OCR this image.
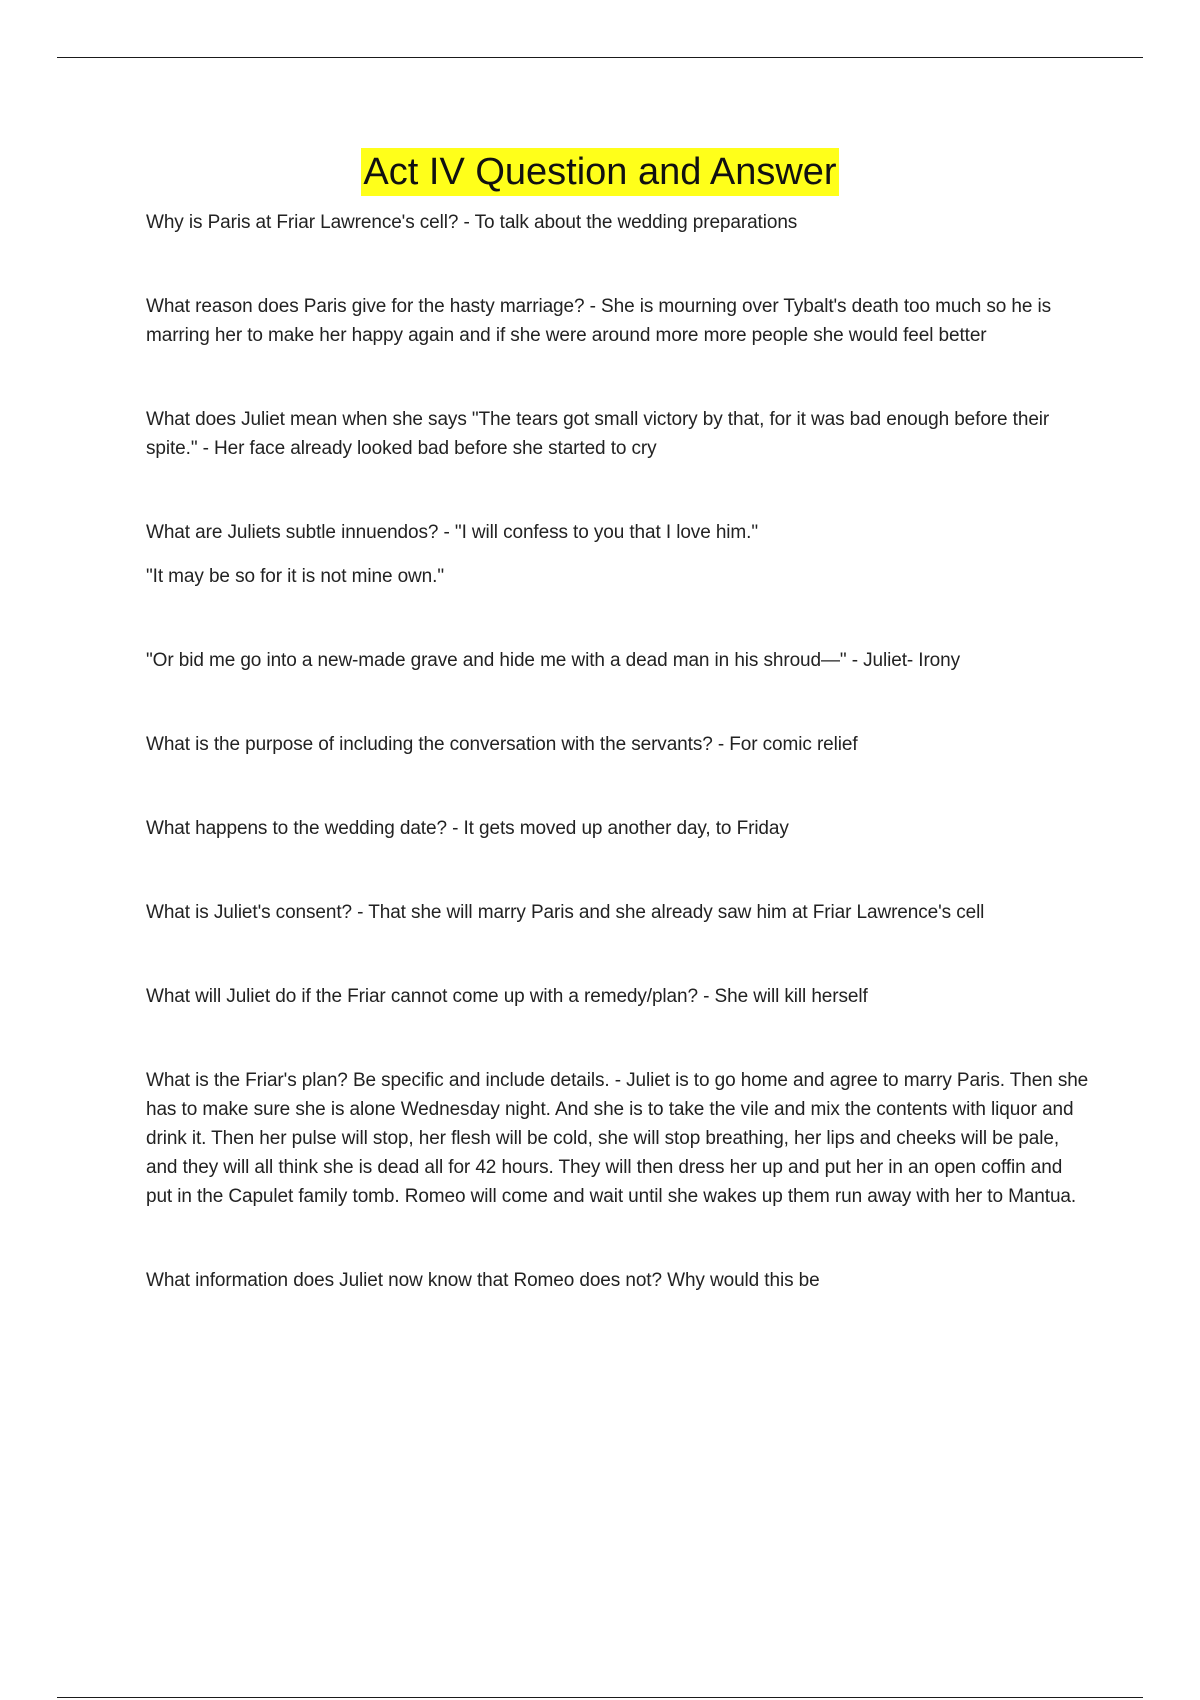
Act IV Question and Answer

Why is Paris at Friar Lawrence's cell? - To talk about the wedding preparations

What reason does Paris give for the hasty marriage? - She is mourning over Tybalt's death too much so he is marring her to make her happy again and if she were around more more people she would feel better

What does Juliet mean when she says "The tears got small victory by that, for it was bad enough before their spite." - Her face already looked bad before she started to cry

What are Juliets subtle innuendos? - "I will confess to you that I love him."

"It may be so for it is not mine own."

"Or bid me go into a new-made grave and hide me with a dead man in his shroud—" - Juliet- Irony

What is the purpose of including the conversation with the servants? - For comic relief

What happens to the wedding date? - It gets moved up another day, to Friday

What is Juliet's consent? - That she will marry Paris and she already saw him at Friar Lawrence's cell

What will Juliet do if the Friar cannot come up with a remedy/plan? - She will kill herself

What is the Friar's plan? Be specific and include details. - Juliet is to go home and agree to marry Paris. Then she has to make sure she is alone Wednesday night. And she is to take the vile and mix the contents with liquor and drink it. Then her pulse will stop, her flesh will be cold, she will stop breathing, her lips and cheeks will be pale, and they will all think she is dead all for 42 hours. They will then dress her up and put her in an open coffin and put in the Capulet family tomb. Romeo will come and wait until she wakes up them run away with her to Mantua.

What information does Juliet now know that Romeo does not? Why would this be
